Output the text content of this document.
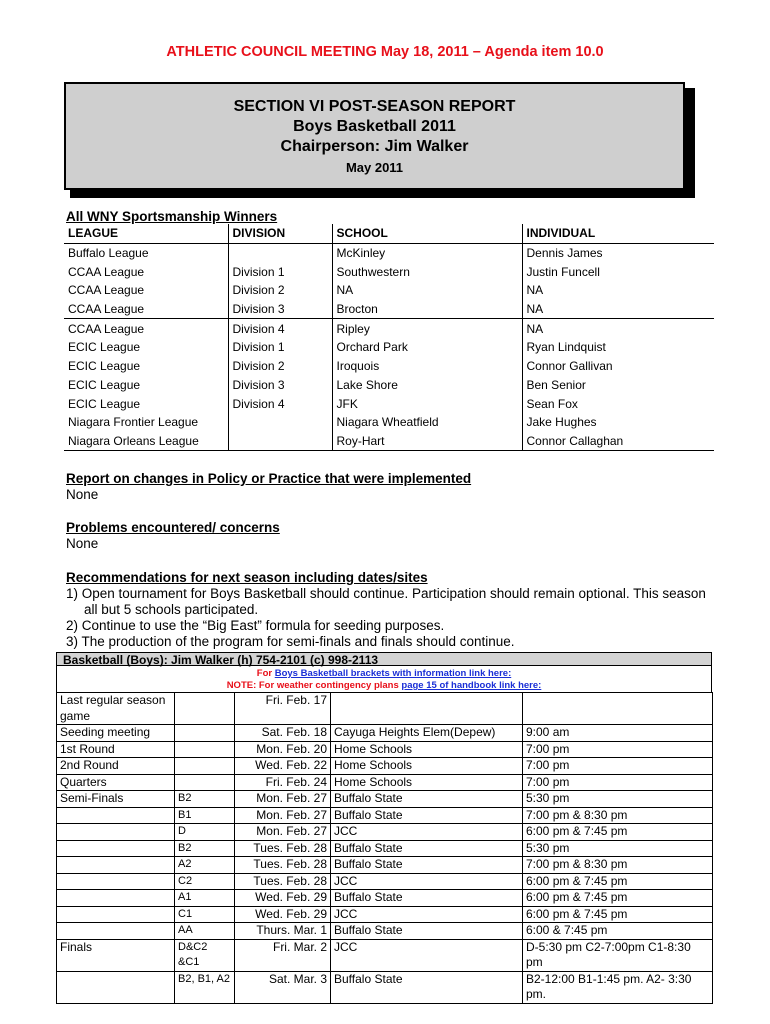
ATHLETIC COUNCIL MEETING May 18, 2011 – Agenda item 10.0
SECTION VI POST-SEASON REPORT
Boys Basketball 2011
Chairperson: Jim Walker
May 2011
All WNY Sportsmanship Winners
LEAGUE	DIVISION	SCHOOL	INDIVIDUAL
Buffalo League		McKinley	Dennis James
CCAA League	Division 1	Southwestern	Justin Funcell
CCAA League	Division 2	NA	NA
CCAA League	Division 3	Brocton	NA
CCAA League	Division 4	Ripley	NA
ECIC League	Division 1	Orchard Park	Ryan Lindquist
ECIC League	Division 2	Iroquois	Connor Gallivan
ECIC League	Division 3	Lake Shore	Ben Senior
ECIC League	Division 4	JFK	Sean Fox
Niagara Frontier League		Niagara Wheatfield	Jake Hughes
Niagara Orleans League		Roy-Hart	Connor Callaghan
Report on changes in Policy or Practice that were implemented
None
Problems encountered/ concerns
None
Recommendations for next season including dates/sites
1) Open tournament for Boys Basketball should continue. Participation should remain optional. This season all but 5 schools participated.
2) Continue to use the “Big East” formula for seeding purposes.
3) The production of the program for semi-finals and finals should continue.
Basketball (Boys): Jim Walker (h) 754-2101 (c) 998-2113
For Boys Basketball brackets with information link here:
NOTE: For weather contingency plans page 15 of handbook link here:
Last regular season game		Fri. Feb. 17		
Seeding meeting		Sat. Feb. 18	Cayuga Heights Elem(Depew)	9:00 am
1st Round		Mon. Feb. 20	Home Schools	7:00 pm
2nd Round		Wed. Feb. 22	Home Schools	7:00 pm
Quarters		Fri. Feb. 24	Home Schools	7:00 pm
Semi-Finals	B2	Mon. Feb. 27	Buffalo State	5:30 pm
	B1	Mon. Feb. 27	Buffalo State	7:00 pm & 8:30 pm
	D	Mon. Feb. 27	JCC	6:00 pm & 7:45 pm
	B2	Tues. Feb. 28	Buffalo State	5:30 pm
	A2	Tues. Feb. 28	Buffalo State	7:00 pm & 8:30 pm
	C2	Tues. Feb. 28	JCC	6:00 pm & 7:45 pm
	A1	Wed. Feb. 29	Buffalo State	6:00 pm & 7:45 pm
	C1	Wed. Feb. 29	JCC	6:00 pm & 7:45 pm
	AA	Thurs. Mar. 1	Buffalo State	6:00 & 7:45 pm
Finals	D&C2 &C1	Fri. Mar. 2	JCC	D-5:30 pm C2-7:00pm C1-8:30 pm
	B2, B1, A2	Sat. Mar. 3	Buffalo State	B2-12:00 B1-1:45 pm. A2- 3:30 pm.
